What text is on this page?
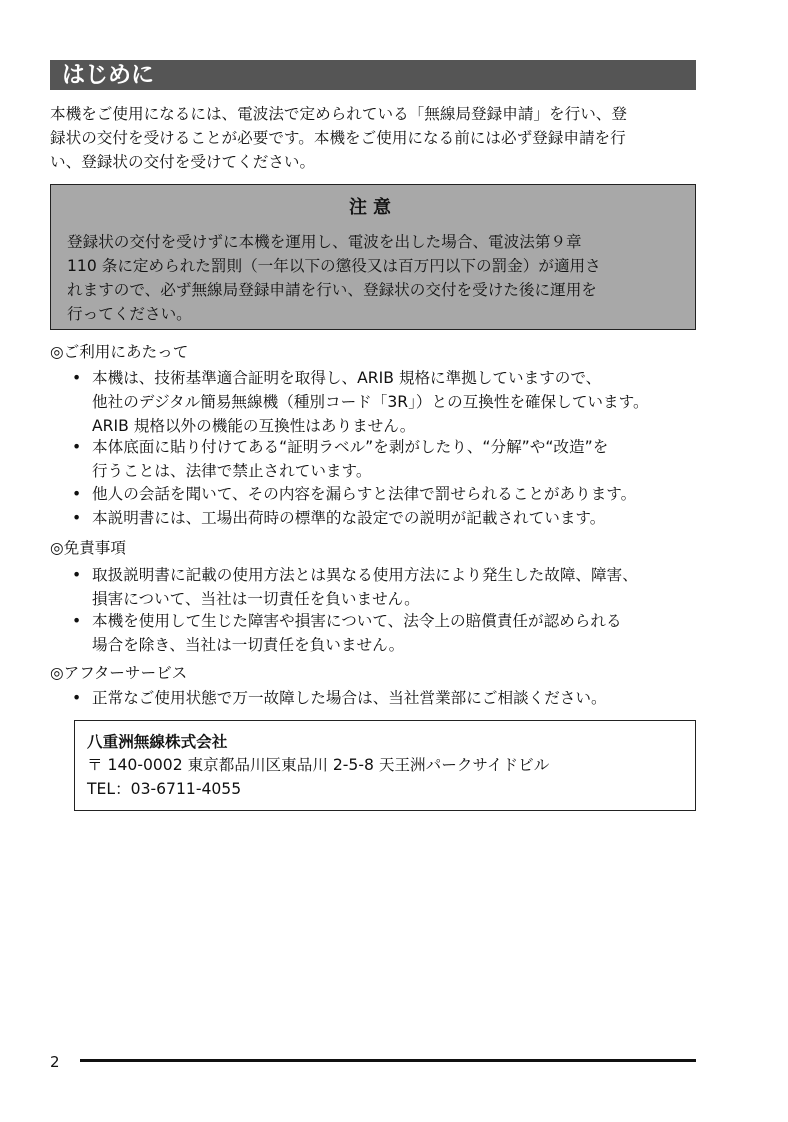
はじめに
本機をご使用になるには、電波法で定められている「無線局登録申請」を行い、登
録状の交付を受けることが必要です。本機をご使用になる前には必ず登録申請を行
い、登録状の交付を受けてください。
注意
登録状の交付を受けずに本機を運用し、電波を出した場合、電波法第９章
110 条に定められた罰則（一年以下の懲役又は百万円以下の罰金）が適用さ
れますので、必ず無線局登録申請を行い、登録状の交付を受けた後に運用を
行ってください。
◎ご利用にあたって
• 本機は、技術基準適合証明を取得し、ARIB 規格に準拠していますので、
他社のデジタル簡易無線機（種別コード「3R」）との互換性を確保しています。
ARIB 規格以外の機能の互換性はありません。
• 本体底面に貼り付けてある“証明ラベル”を剥がしたり、“分解”や“改造”を
行うことは、法律で禁止されています。
• 他人の会話を聞いて、その内容を漏らすと法律で罰せられることがあります。
• 本説明書には、工場出荷時の標準的な設定での説明が記載されています。
◎免責事項
• 取扱説明書に記載の使用方法とは異なる使用方法により発生した故障、障害、
損害について、当社は一切責任を負いません。
• 本機を使用して生じた障害や損害について、法令上の賠償責任が認められる
場合を除き、当社は一切責任を負いません。
◎アフターサービス
• 正常なご使用状態で万一故障した場合は、当社営業部にご相談ください。
八重洲無線株式会社
〒 140-0002 東京都品川区東品川 2-5-8 天王洲パークサイドビル
TEL：03-6711-4055
2
